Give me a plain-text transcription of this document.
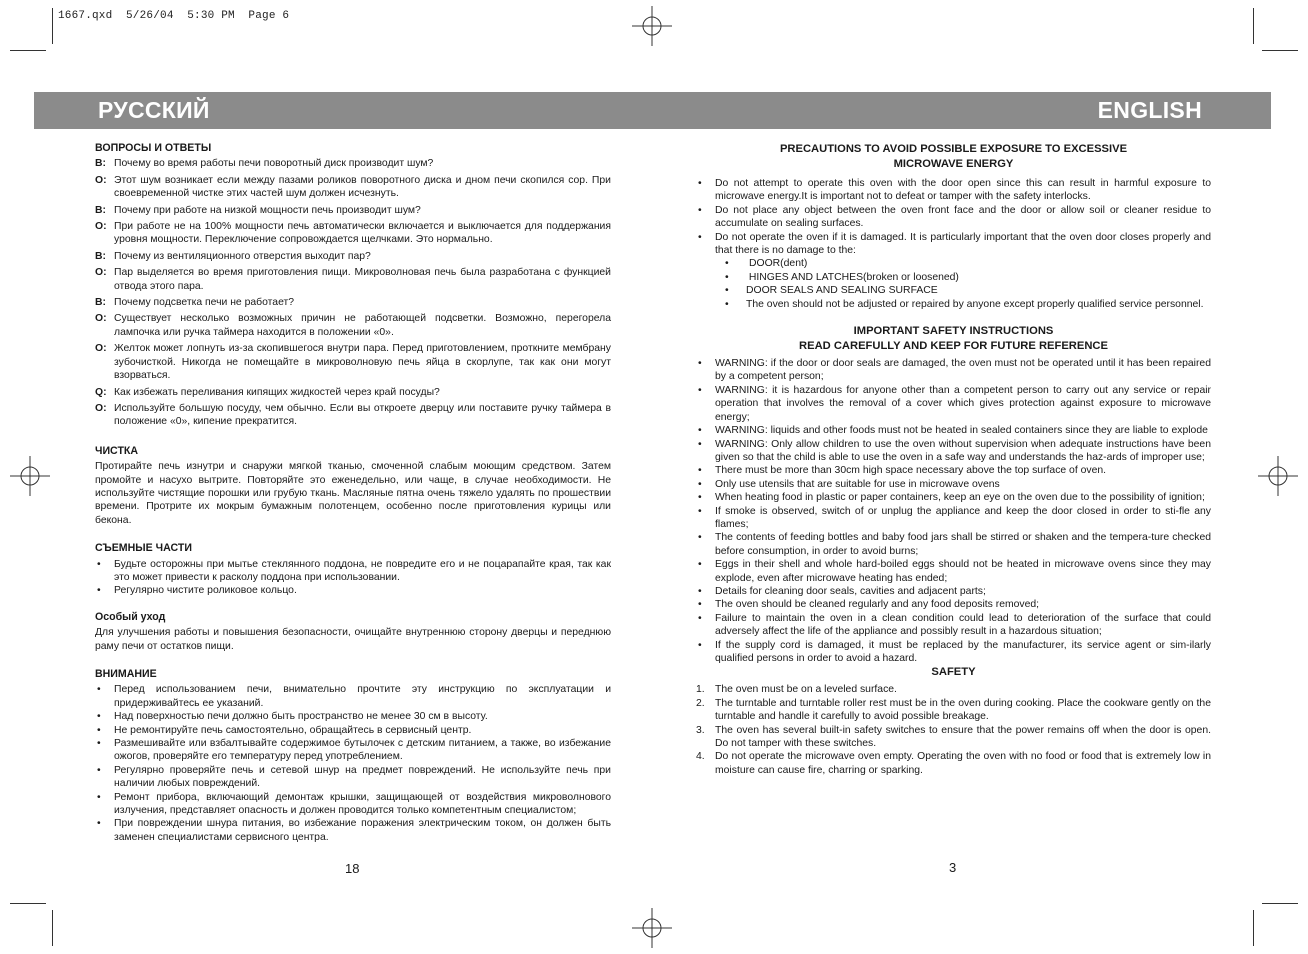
1667.qxd  5/26/04  5:30 PM  Page 6
РУССКИЙ	ENGLISH
ВОПРОСЫ И ОТВЕТЫ
В: Почему во время работы печи поворотный диск производит шум?
О: Этот шум возникает если между пазами роликов поворотного диска и дном печи скопился сор. При своевременной чистке этих частей шум должен исчезнуть.
В: Почему при работе на низкой мощности печь производит шум?
О: При работе не на 100% мощности печь автоматически включается и выключается для поддержания уровня мощности. Переключение сопровождается щелчками. Это нормально.
В: Почему из вентиляционного отверстия выходит пар?
О: Пар выделяется во время приготовления пищи. Микроволновая печь была разработана с функцией отвода этого пара.
В: Почему подсветка печи не работает?
О: Существует несколько возможных причин не работающей подсветки. Возможно, перегорела лампочка или ручка таймера находится в положении «0».
О: Желток может лопнуть из-за скопившегося внутри пара. Перед приготовлением, проткните мембрану зубочисткой. Никогда не помещайте в микроволновую печь яйца в скорлупе, так как они могут взорваться.
Q: Как избежать переливания кипящих жидкостей через край посуды?
О: Используйте большую посуду, чем обычно. Если вы откроете дверцу или поставите ручку таймера в положение «0», кипение прекратится.
ЧИСТКА
Протирайте печь изнутри и снаружи мягкой тканью, смоченной слабым моющим средством. Затем промойте и насухо вытрите. Повторяйте это еженедельно, или чаще, в случае необходимости. Не используйте чистящие порошки или грубую ткань. Масляные пятна очень тяжело удалять по прошествии времени. Протрите их мокрым бумажным полотенцем, особенно после приготовления курицы или бекона.
СЪЕМНЫЕ ЧАСТИ
• Будьте осторожны при мытье стеклянного поддона, не повредите его и не поцарапайте края, так как это может привести к расколу поддона при использовании.
• Регулярно чистите роликовое кольцо.
Особый уход
Для улучшения работы и повышения безопасности, очищайте внутреннюю сторону дверцы и переднюю раму печи от остатков пищи.
ВНИМАНИЕ
• Перед использованием печи, внимательно прочтите эту инструкцию по эксплуатации и придерживайтесь ее указаний.
• Над поверхностью печи должно быть пространство не менее 30 см в высоту.
• Не ремонтируйте печь самостоятельно, обращайтесь в сервисный центр.
• Размешивайте или взбалтывайте содержимое бутылочек с детским питанием, а также, во избежание ожогов, проверяйте его температуру перед употреблением.
• Регулярно проверяйте печь и сетевой шнур на предмет повреждений. Не используйте печь при наличии любых повреждений.
• Ремонт прибора, включающий демонтаж крышки, защищающей от воздействия микроволнового излучения, представляет опасность и должен проводится только компетентным специалистом;
• При повреждении шнура питания, во избежание поражения электрическим током, он должен быть заменен специалистами сервисного центра.
18
PRECAUTIONS TO AVOID POSSIBLE EXPOSURE TO EXCESSIVE
MICROWAVE ENERGY
• Do not attempt to operate this oven with the door open since this can result in harmful exposure to microwave energy.It is important not to defeat or tamper with the safety interlocks.
• Do not place any object between the oven front face and the door or allow soil or cleaner residue to accumulate on sealing surfaces.
• Do not operate the oven if it is damaged. It is particularly important that the oven door closes properly and that there is no damage to the:
• DOOR(dent)
• HINGES AND LATCHES(broken or loosened)
• DOOR SEALS AND SEALING SURFACE
• The oven should not be adjusted or repaired by anyone except properly qualified service personnel.
IMPORTANT SAFETY INSTRUCTIONS
READ CAREFULLY AND KEEP FOR FUTURE REFERENCE
• WARNING: if the door or door seals are damaged, the oven must not be operated until it has been repaired by a competent person;
• WARNING: it is hazardous for anyone other than a competent person to carry out any service or repair operation that involves the removal of a cover which gives protection against exposure to microwave energy;
• WARNING: liquids and other foods must not be heated in sealed containers since they are liable to explode
• WARNING: Only allow children to use the oven without supervision when adequate instructions have been given so that the child is able to use the oven in a safe way and understands the haz-ards of improper use;
• There must be more than 30cm high space necessary above the top surface of oven.
• Only use utensils that are suitable for use in microwave ovens
• When heating food in plastic or paper containers, keep an eye on the oven due to the possibility of ignition;
• If smoke is observed, switch of or unplug the appliance and keep the door closed in order to sti-fle any flames;
• The contents of feeding bottles and baby food jars shall be stirred or shaken and the tempera-ture checked before consumption, in order to avoid burns;
• Eggs in their shell and whole hard-boiled eggs should not be heated in microwave ovens since they may explode, even after microwave heating has ended;
• Details for cleaning door seals, cavities and adjacent parts;
• The oven should be cleaned regularly and any food deposits removed;
• Failure to maintain the oven in a clean condition could lead to deterioration of the surface that could adversely affect the life of the appliance and possibly result in a hazardous situation;
• If the supply cord is damaged, it must be replaced by the manufacturer, its service agent or sim-ilarly qualified persons in order to avoid a hazard.
SAFETY
1. The oven must be on a leveled surface.
2. The turntable and turntable roller rest must be in the oven during cooking. Place the cookware gently on the turntable and handle it carefully to avoid possible breakage.
3. The oven has several built-in safety switches to ensure that the power remains off when the door is open. Do not tamper with these switches.
4. Do not operate the microwave oven empty. Operating the oven with no food or food that is extremely low in moisture can cause fire, charring or sparking.
3
